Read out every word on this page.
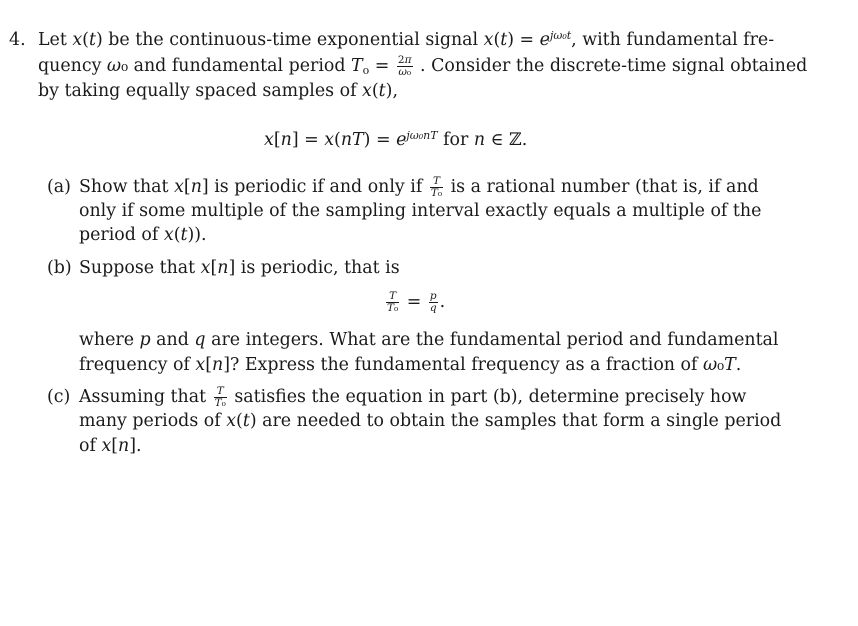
4. Let x(t) be the continuous-time exponential signal $x(t) = e^{j\omega_0t}$, with fundamental fre-
quency ω₀ and fundamental period $T_o = \frac{2\pi}{\text{ω₀}}$ . Consider the discrete-time signal obtained
by taking equally spaced samples of x(t),
$x[n] = x(nT) = e^{j\omega_0nT}$ for n ∈ ℤ.
(a) Show that x[n] is periodic if and only if $\frac{T}{\text{T₀}}$ is a rational number (that is, if and
only if some multiple of the sampling interval exactly equals a multiple of the
period of x(t)).
(b) Suppose that x[n] is periodic, that is
$\frac{T}{\text{T₀}} = \frac{p}{q}$ .
where p and q are integers. What are the fundamental period and fundamental
frequency of x[n]? Express the fundamental frequency as a fraction of ω₀T.
(c) Assuming that $\frac{T}{\text{T₀}}$ satisfies the equation in part (b), determine precisely how
many periods of x(t) are needed to obtain the samples that form a single period
of x[n].
